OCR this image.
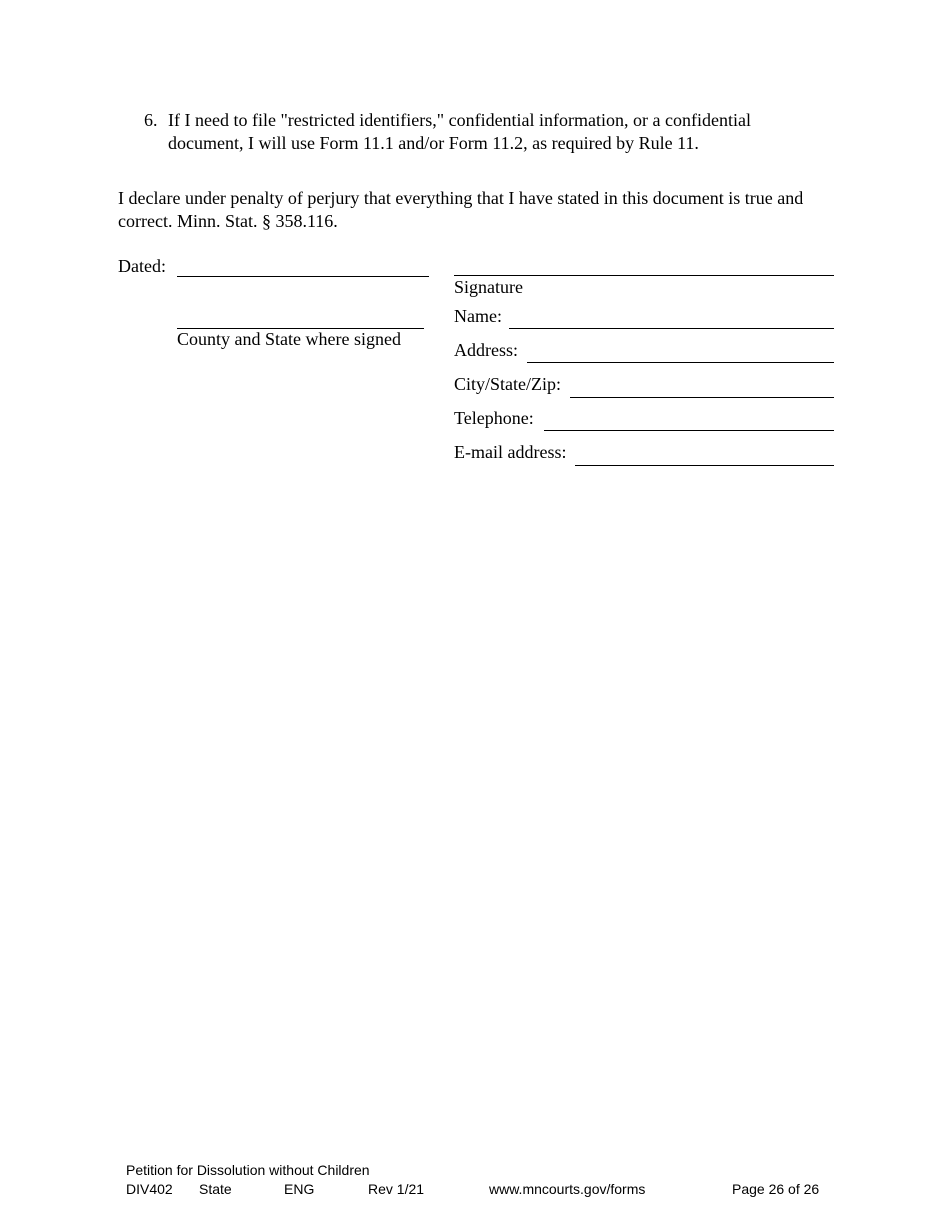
6. If I need to file "restricted identifiers," confidential information, or a confidential
document, I will use Form 11.1 and/or Form 11.2, as required by Rule 11.
I declare under penalty of perjury that everything that I have stated in this document is true and
correct. Minn. Stat. § 358.116.
Dated:
County and State where signed
Signature
Name:
Address:
City/State/Zip:
Telephone:
E-mail address:
Petition for Dissolution without Children
DIV402 State	ENG	Rev 1/21	www.mncourts.gov/forms	Page 26 of 26
